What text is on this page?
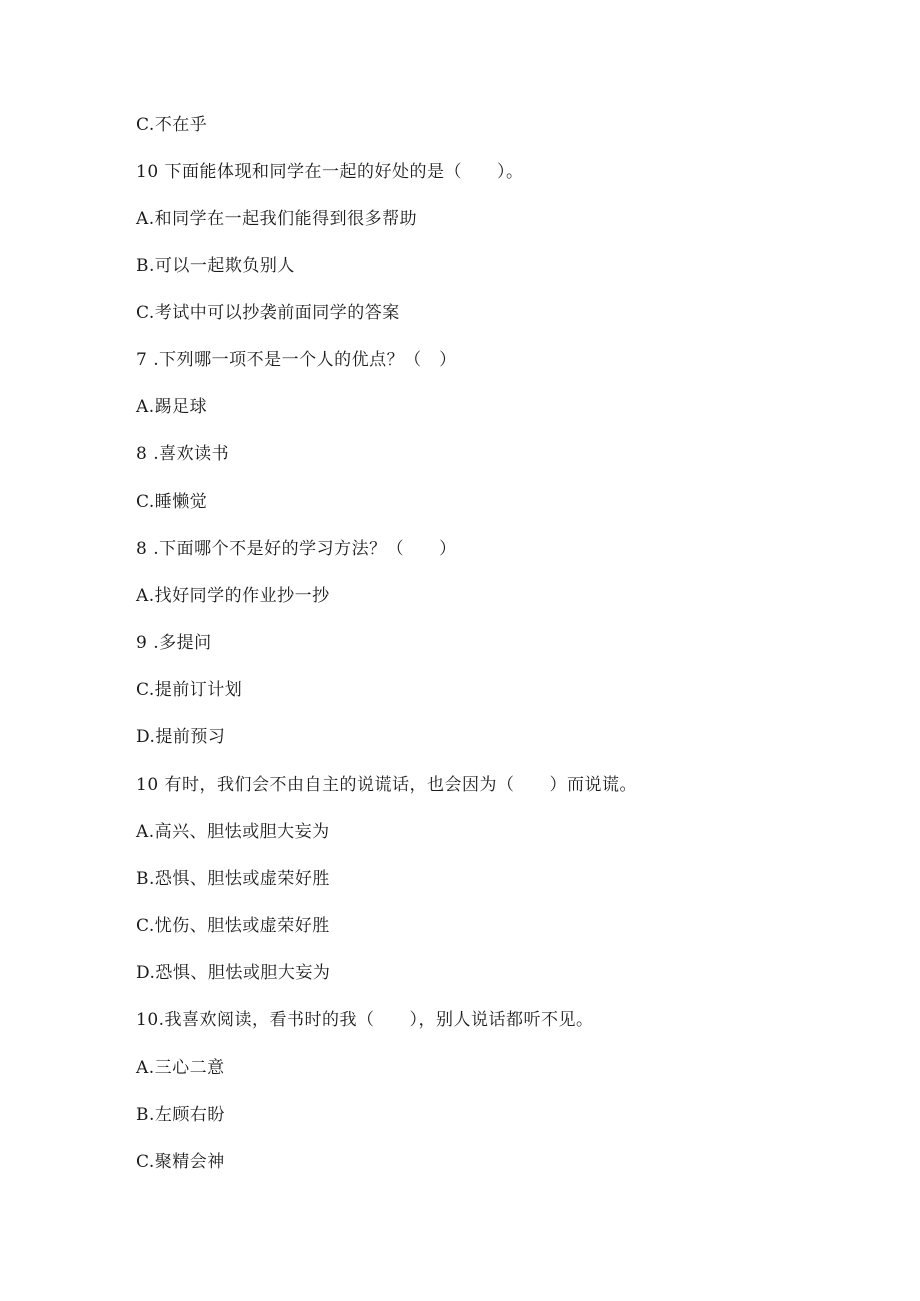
C.不在乎
10 下面能体现和同学在一起的好处的是（　　）。
A.和同学在一起我们能得到很多帮助
B.可以一起欺负别人
C.考试中可以抄袭前面同学的答案
7 .下列哪一项不是一个人的优点？（　）
A.踢足球
8 .喜欢读书
C.睡懒觉
8 .下面哪个不是好的学习方法？（　　）
A.找好同学的作业抄一抄
9 .多提问
C.提前订计划
D.提前预习
10 有时，我们会不由自主的说谎话，也会因为（　　）而说谎。
A.高兴、胆怯或胆大妄为
B.恐惧、胆怯或虚荣好胜
C.忧伤、胆怯或虚荣好胜
D.恐惧、胆怯或胆大妄为
10.我喜欢阅读，看书时的我（　　），别人说话都听不见。
A.三心二意
B.左顾右盼
C.聚精会神
